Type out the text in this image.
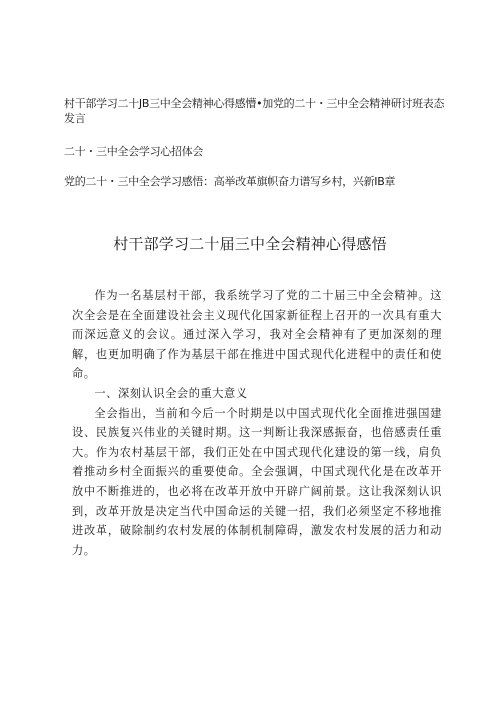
村干部学习二十JB三中全会精神心得感懵•加党的二十・三中全会精神研讨班表态发言
二十・三中全会学习心招体会
党的二十・三中全会学习感悟：高举改革旗帜奋力谱写乡村，兴新IB章
村干部学习二十届三中全会精神心得感悟

作为一名基层村干部，我系统学习了党的二十届三中全会精神。这次全会是在全面建设社会主义现代化国家新征程上召开的一次具有重大而深远意义的会议。通过深入学习，我对全会精神有了更加深刻的理解，也更加明确了作为基层干部在推进中国式现代化进程中的责任和使命。

一、深刻认识全会的重大意义

全会指出，当前和今后一个时期是以中国式现代化全面推进强国建设、民族复兴伟业的关键时期。这一判断让我深感振奋，也倍感责任重大。作为农村基层干部，我们正处在中国式现代化建设的第一线，肩负着推动乡村全面振兴的重要使命。全会强调，中国式现代化是在改革开放中不断推进的，也必将在改革开放中开辟广阔前景。这让我深刻认识到，改革开放是决定当代中国命运的关键一招，我们必须坚定不移地推进改革，破除制约农村发展的体制机制障碍，激发农村发展的活力和动力。
